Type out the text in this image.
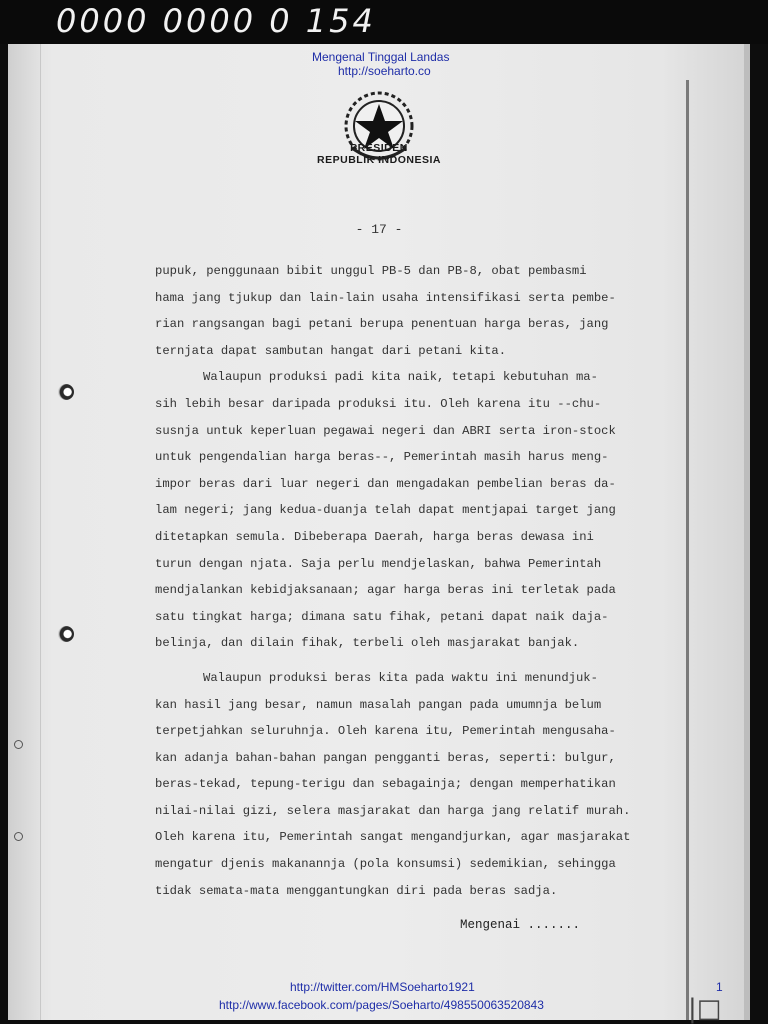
0000 0000 0 154
Mengenal Tinggal Landas
http://soeharto.co
PRESIDEN
REPUBLIK INDONESIA
- 17 -
pupuk, penggunaan bibit unggul PB-5 dan PB-8, obat pembasmi
hama jang tjukup dan lain-lain usaha intensifikasi serta pembe-
rian rangsangan bagi petani berupa penentuan harga beras, jang
ternjata dapat sambutan hangat dari petani kita.
Walaupun produksi padi kita naik, tetapi kebutuhan ma-
sih lebih besar daripada produksi itu. Oleh karena itu --chu-
susnja untuk keperluan pegawai negeri dan ABRI serta iron-stock
untuk pengendalian harga beras--, Pemerintah masih harus meng-
impor beras dari luar negeri dan mengadakan pembelian beras da-
lam negeri; jang kedua-duanja telah dapat mentjapai target jang
ditetapkan semula. Dibeberapa Daerah, harga beras dewasa ini
turun dengan njata. Saja perlu mendjelaskan, bahwa Pemerintah
mendjalankan kebidjaksanaan; agar harga beras ini terletak pada
satu tingkat harga; dimana satu fihak, petani dapat naik daja-
belinja, dan dilain fihak, terbeli oleh masjarakat banjak.
Walaupun produksi beras kita pada waktu ini menundjuk-
kan hasil jang besar, namun masalah pangan pada umumnja belum
terpetjahkan seluruhnja. Oleh karena itu, Pemerintah mengusaha-
kan adanja bahan-bahan pangan pengganti beras, seperti: bulgur,
beras-tekad, tepung-terigu dan sebagainja; dengan memperhatikan
nilai-nilai gizi, selera masjarakat dan harga jang relatif murah.
Oleh karena itu, Pemerintah sangat mengandjurkan, agar masjarakat
mengatur djenis makanannja (pola konsumsi) sedemikian, sehingga
tidak semata-mata menggantungkan diri pada beras sadja.
Mengenai .......
http://twitter.com/HMSoeharto1921
http://www.facebook.com/pages/Soeharto/498550063520843
1
|□
